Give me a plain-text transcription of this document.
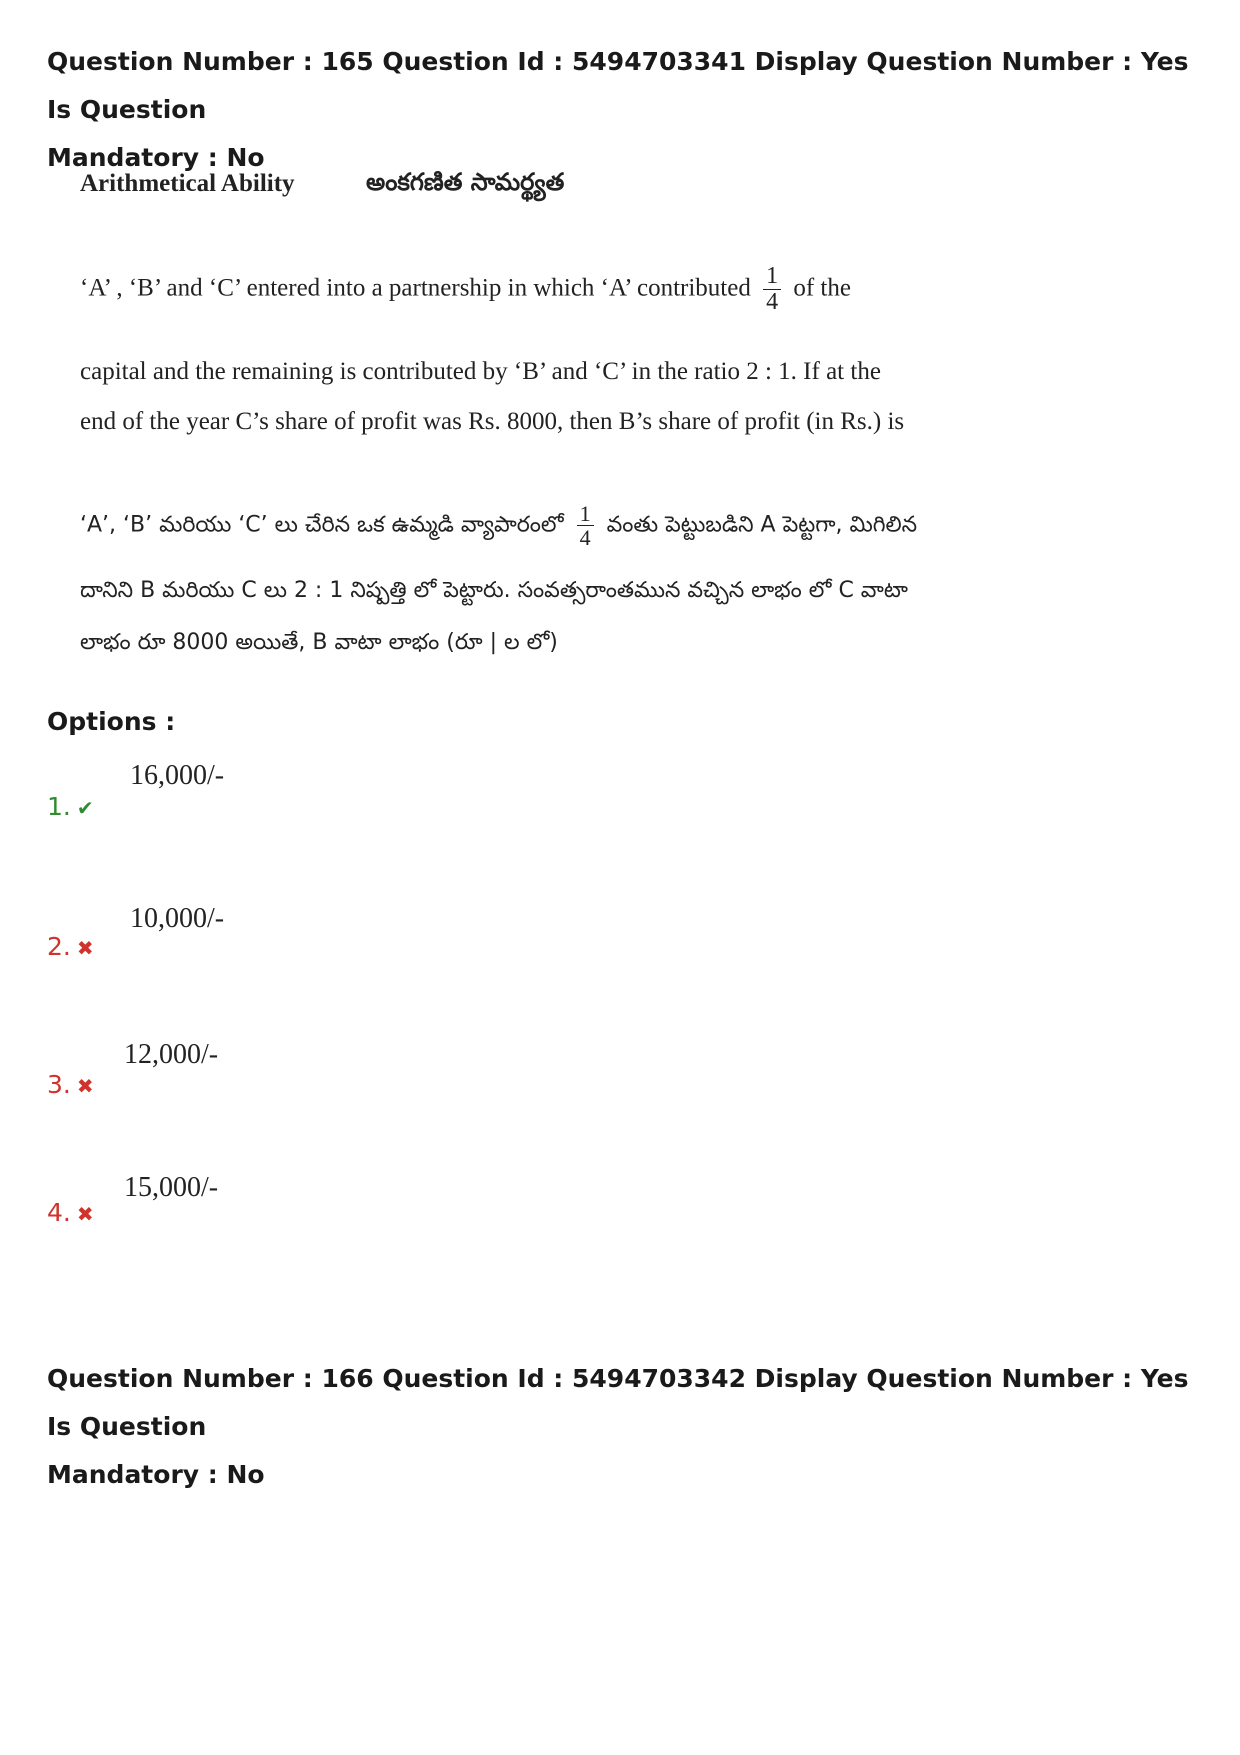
Question Number : 165 Question Id : 5494703341 Display Question Number : Yes Is Question
Mandatory : No
Arithmetical Ability	అంకగణిత సామర్థ్యత
‘A’ , ‘B’ and ‘C’ entered into a partnership in which ‘A’ contributed $\frac{1}{4}$ of the
capital and the remaining is contributed by ‘B’ and ‘C’ in the ratio 2 : 1. If at the
end of the year C’s share of profit was Rs. 8000, then B’s share of profit (in Rs.) is
‘A’, ‘B’ మరియు ‘C’ లు చేరిన ఒక ఉమ్మడి వ్యాపారంలో $\frac{1}{4}$ వంతు పెట్టుబడిని A పెట్టగా, మిగిలిన
దానిని B మరియు C లు 2 : 1 నిష్పత్తి లో పెట్టారు. సంవత్సరాంతమున వచ్చిన లాభం లో C వాటా
లాభం రూ 8000 అయితే, B వాటా లాభం (రూ | ల లో)
Options :
1. ✔
16,000/-
2. ✖
10,000/-
3. ✖
12,000/-
4. ✖
15,000/-
Question Number : 166 Question Id : 5494703342 Display Question Number : Yes Is Question
Mandatory : No
